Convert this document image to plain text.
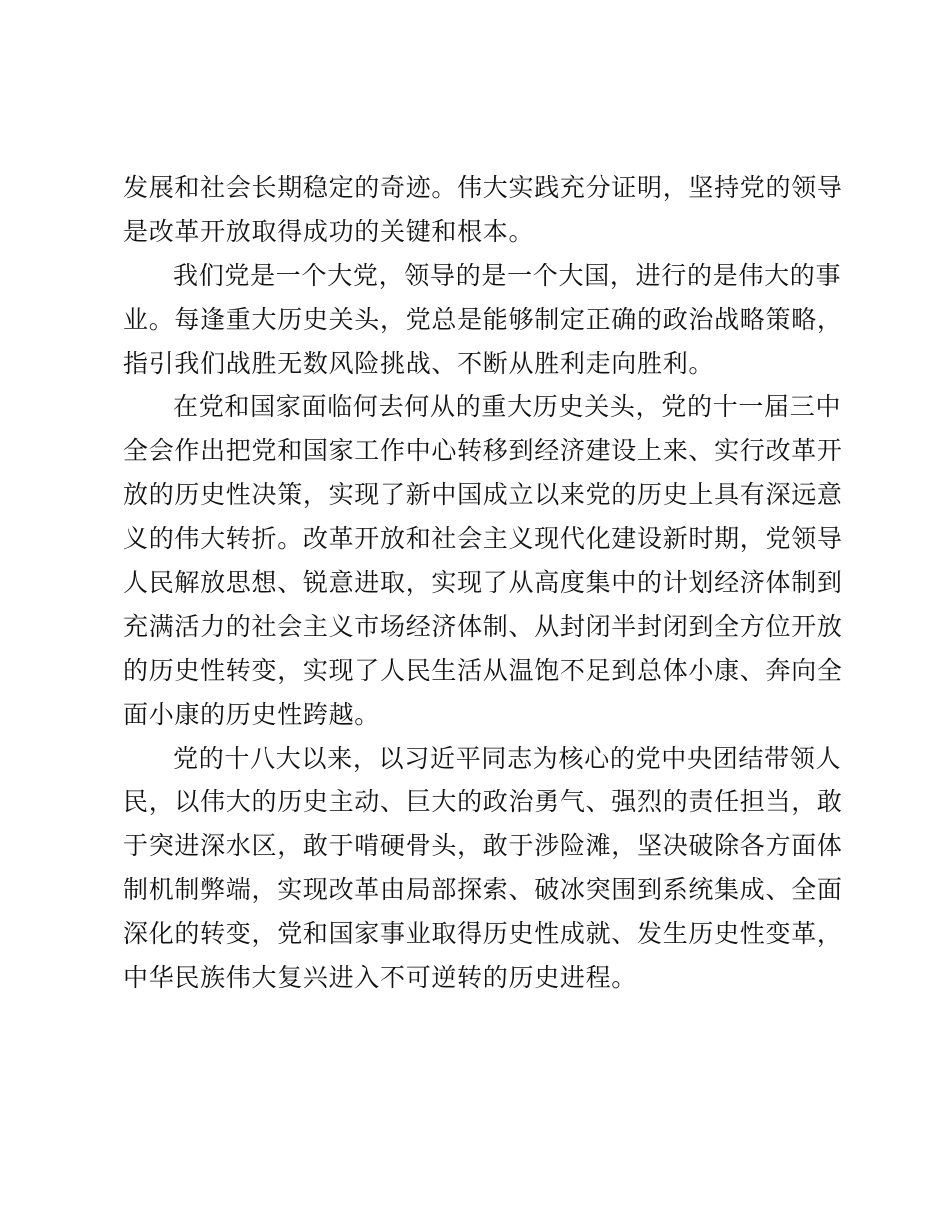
发展和社会长期稳定的奇迹。伟大实践充分证明，坚持党的领导
是改革开放取得成功的关键和根本。
我们党是一个大党，领导的是一个大国，进行的是伟大的事
业。每逢重大历史关头，党总是能够制定正确的政治战略策略，
指引我们战胜无数风险挑战、不断从胜利走向胜利。
在党和国家面临何去何从的重大历史关头，党的十一届三中
全会作出把党和国家工作中心转移到经济建设上来、实行改革开
放的历史性决策，实现了新中国成立以来党的历史上具有深远意
义的伟大转折。改革开放和社会主义现代化建设新时期，党领导
人民解放思想、锐意进取，实现了从高度集中的计划经济体制到
充满活力的社会主义市场经济体制、从封闭半封闭到全方位开放
的历史性转变，实现了人民生活从温饱不足到总体小康、奔向全
面小康的历史性跨越。
党的十八大以来，以习近平同志为核心的党中央团结带领人
民，以伟大的历史主动、巨大的政治勇气、强烈的责任担当，敢
于突进深水区，敢于啃硬骨头，敢于涉险滩，坚决破除各方面体
制机制弊端，实现改革由局部探索、破冰突围到系统集成、全面
深化的转变，党和国家事业取得历史性成就、发生历史性变革，
中华民族伟大复兴进入不可逆转的历史进程。
